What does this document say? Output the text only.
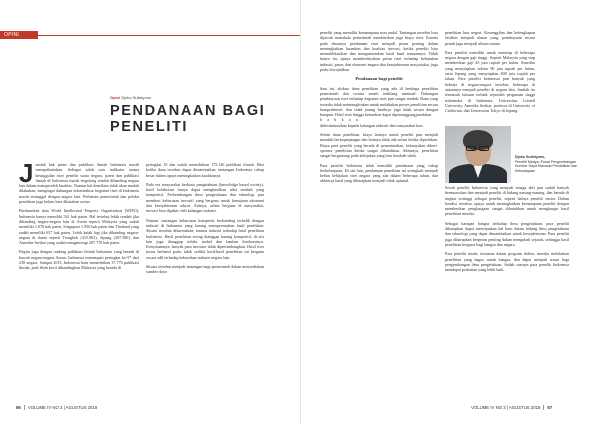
OPINI
Opini Djoko Sulistyono
PENDANAAN BAGI PENELITI

Jumlah hak paten dan publikasi ilmiah Indonesia masih memprihatinkan. Sebagai salah satu indikator utama keunggulan riset peneliti suatu negara, paten dan publikasi ilmiah di Indonesia masih tergolong rendah dibanding negara lain dalam memperoleh kualitas. Namun hal demikian tidak akan mudah dilakukan, mengingat dukungan infrastruktur kegiatan riset di Indonesia masih tertinggal dengan negara lain. Perhatian pemerintah dan pelaku penelitian juga belum bisa dikatakan serius.

Berdasarkan data World Intellectual Property Organization (WIPO), Indonesia hanya memiliki 541 hak paten. Hal tersebut lebih rendah jika dibanding negara-negara lain di Asean seperti Malaysia yang sudah memiliki 1.076 hak paten, Singapura 1.056 hak paten dan Thailand yang sudah memiliki 657 hak paten. Lebih kalah lagi jika dibanding negara-negara di dunia seperti Tiongkok (415.902), Jepang (287.580), dan Amerika Serikat yang sudah mengantongi 287.770 hak paten.

Begitu juga dengan ranking publikasi ilmiah Indonesia yang berada di bawah negara-negara Asean. Indonesia menempati peringkat ke-57 dari 230 negara. Sampai 2015, Indonesia baru menerbitkan 37.770 publikasi ilmiah, jauh lebih kecil dibandingkan Malaysia yang berada di

peringkat 35 dan sudah menerbitkan 175.146 publikasi ilmiah. Hari ketika dana tersebut dapat dimanfaatkan, tantangan Indonesia cukup besar dalam upaya meningkatkan kualitasnya.

Pada era masyarakat berbasis pengetahuan (knowledge based society), hasil kolaborasi hanya dapat menghasilkan nilai tambah yang kompetitif. Perkembangan ilmu pengetahuan dan teknologi pun memberi keharusan inovatif yang berguna untuk kemajuan ekonomi dan kesejahteraan rakyat. Artinya, selain berguna di masyarakat, inovasi bisa dipakai oleh kalangan industri.

Namun, tantangan keharusan kompetisi berbanding terbalik dengan industri di Indonesia yang kurang mempersiapkan hasil penelitian. Situasi tersebut dikarenakan, trauma industri terhadap hasil penelitian Indonesia. Hasil penelitian sering dianggap kurang kompetitif, di sisi lain juga dianggap terlalu mahal dan lamban birokrasinya. Kenyataannya, banyak para inovator tidak dipertimbangkan. Hasil riset justru berhenti pada, tidak sedikit hasil-hasil penelitian ini berguna secara adil terhadap kebutuhan industri negara lain.

Situasi tersebut menjadi tantangan bagi pemerintah dalam menyediakan sumber daya

56 VOLUME IV NO 3 | AGUSTUS 2018

peneliti yang memiliki kemampuan riset andal. Tantangan tersebut bisa dijawab manakala pemerintah memberikan juga biaya riset. Karena pada dasarnya pendanaan riset menjadi peran penting dalam meningkatkan kuantitas dan kualitas inovasi, ketika peneliti bisa memublikasikan dan mengumumkan hasil hasil temuannya. Tidak hanya itu, upaya memberdayakan peran riset terhadap kebutuhan industri, pasar, dan ekonomi negara dan kesejahteraan masyarakat, juga perlu diwujudkan.

Pendanaan bagi peneliti

Saat ini, alokasi dana penelitian yang ada di lembaga penelitian pemerintah dan swasta masih terbilang minimal. Dukungan pembiayaan riset terhadap kegiatan riset pun sangat rendah. Dana yang tersedia tidak memungkinkan untuk melakukan proses penelitian secara komprehensif, dan tidak jarang hasilnya juga tidak sesuai dengan harapan. Hasil riset hingga kemudian dapat dipertanggungjawabkan

b a h k a n

didesiminasikan kepada kalangan industri dan masyarakat luas.

Selain dana penelitian, biaya lainnya untuk peneliti pun menjadi masalah berkepanjangan dan lainnya tidak ada solusi ketika diperlukan. Biaya para peneliti yang berada di pemerintahan, kebanyakan diberi-sponsor penelitian ketika sangat dibutuhkan. Akhirnya, penelitian sangat bergantung pada kebijakan yang bisa berubah-ubah.

Para peneliti Indonesia tidak memiliki pendanaan yang cukup berkelanjutan. Di sisi lain, pendanaan penelitian ini seringkali menjadi beban kebijakan riset negara yang ada dalam beberapa tahun, dan akhirnya hasil yang diharapkan menjadi tidak optimal.

penelitian luar negeri. Kesenggilan dan kelengkapan fasilitas menjadi alasan yang, pembiayaan secara penuh juga menjadi alasan utama.

Para peneliti memiliki untuk menetap di beberapa negara dengan gaji tinggi. Seperti Malaysia yang siap memberikan gaji 45 juta rupiah per bulan. Amerika yang menyiapkan sekitar 90 juta rupiah per bulan, serta Jepang yang menyiapkan 600 juta rupiah per tahun. Para peneliti Indonesia pun banyak yang bekerja di negara-negara tersebut, beberapa di antaranya menjadi peneliti di negara lain. Jumlah itu termasuk lulusan terbaik sejumlah perguruan tinggi terkemuka di Indonesia. Universitas Cornell University, Amerika Serikat, profesor di University of California, dan Universitas Tokyo di Jepang.

Djoko Sulistyono,
Peneliti Madya, Pusat Pengembangan Sumber Daya Manusia Pendidikan dan Kebudayaan

Sosok peneliti Indonesia yang menjadi tenaga ahli pun sudah banyak bermunculan dan menjadi peneliti di bidang masing-masing, dan berada di tingkat tertinggi sebagai peneliti, seperti halnya peneliti senior. Dalam kondisi tersebut, upaya untuk meningkatkan kemampuan peneliti dengan memberikan penghargaan sangat dibutuhkan untuk menghargai hasil penelitian mereka.

Sebagai harapan bangsa terhadap ilmu pengetahuan, para peneliti diharapkan dapat menciptakan hal baru dalam bidang ilmu pengetahuan dan teknologi yang dapat dimanfaatkan untuk kesejahteraan. Para peneliti juga diharapkan berperan penting dalam mengubah sejarah, sehingga hasil penelitian berguna bagi bangsa dan negara.

Para peneliti muda, terutama dalam program doktor, mereka melakukan penelitian yang bagus untuk bangsa, dan dapat menjadi acuan bagi pengembangan ilmu pengetahuan. Sudah saatnya para peneliti Indonesia mendapat perhatian yang lebih baik.

VOLUME IV NO 3 | AGUSTUS 2018 57
